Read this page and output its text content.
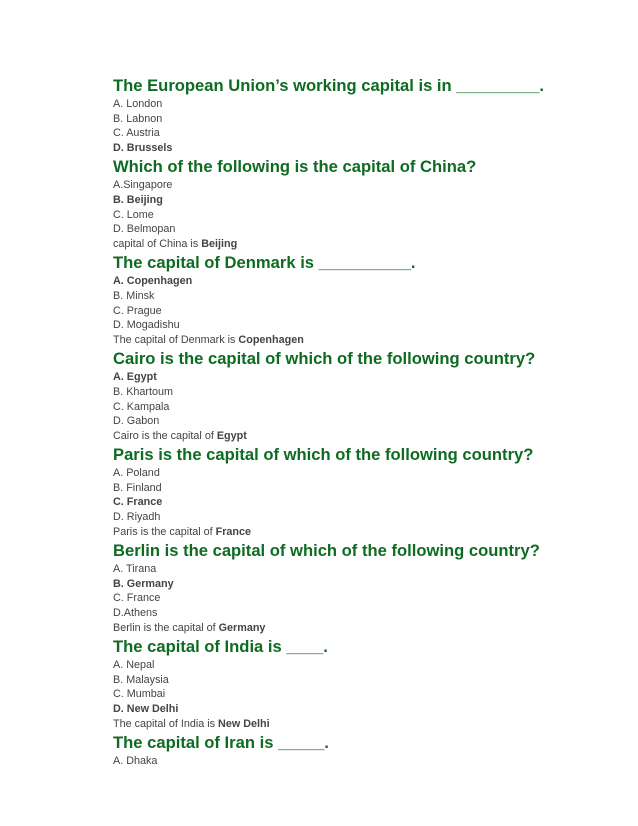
The European Union’s working capital is in _________.

A. London

B. Labnon

C. Austria

D. Brussels

Which of the following is the capital of China?

A.Singapore

B. Beijing

C. Lome

D. Belmopan

capital of China is Beijing

The capital of Denmark is __________.

A. Copenhagen

B. Minsk

C. Prague

D. Mogadishu

The capital of Denmark is Copenhagen

Cairo is the capital of which of the following country?

A. Egypt

B. Khartoum

C. Kampala

D. Gabon

Cairo is the capital of Egypt

Paris is the capital of which of the following country?

A. Poland

B. Finland

C. France

D. Riyadh

Paris is the capital of France

Berlin is the capital of which of the following country?

A. Tirana

B. Germany

C. France

D.Athens

Berlin is the capital of Germany

The capital of India is ____.

A. Nepal

B. Malaysia

C. Mumbai

D. New Delhi

The capital of India is New Delhi

The capital of Iran is _____.

A. Dhaka
